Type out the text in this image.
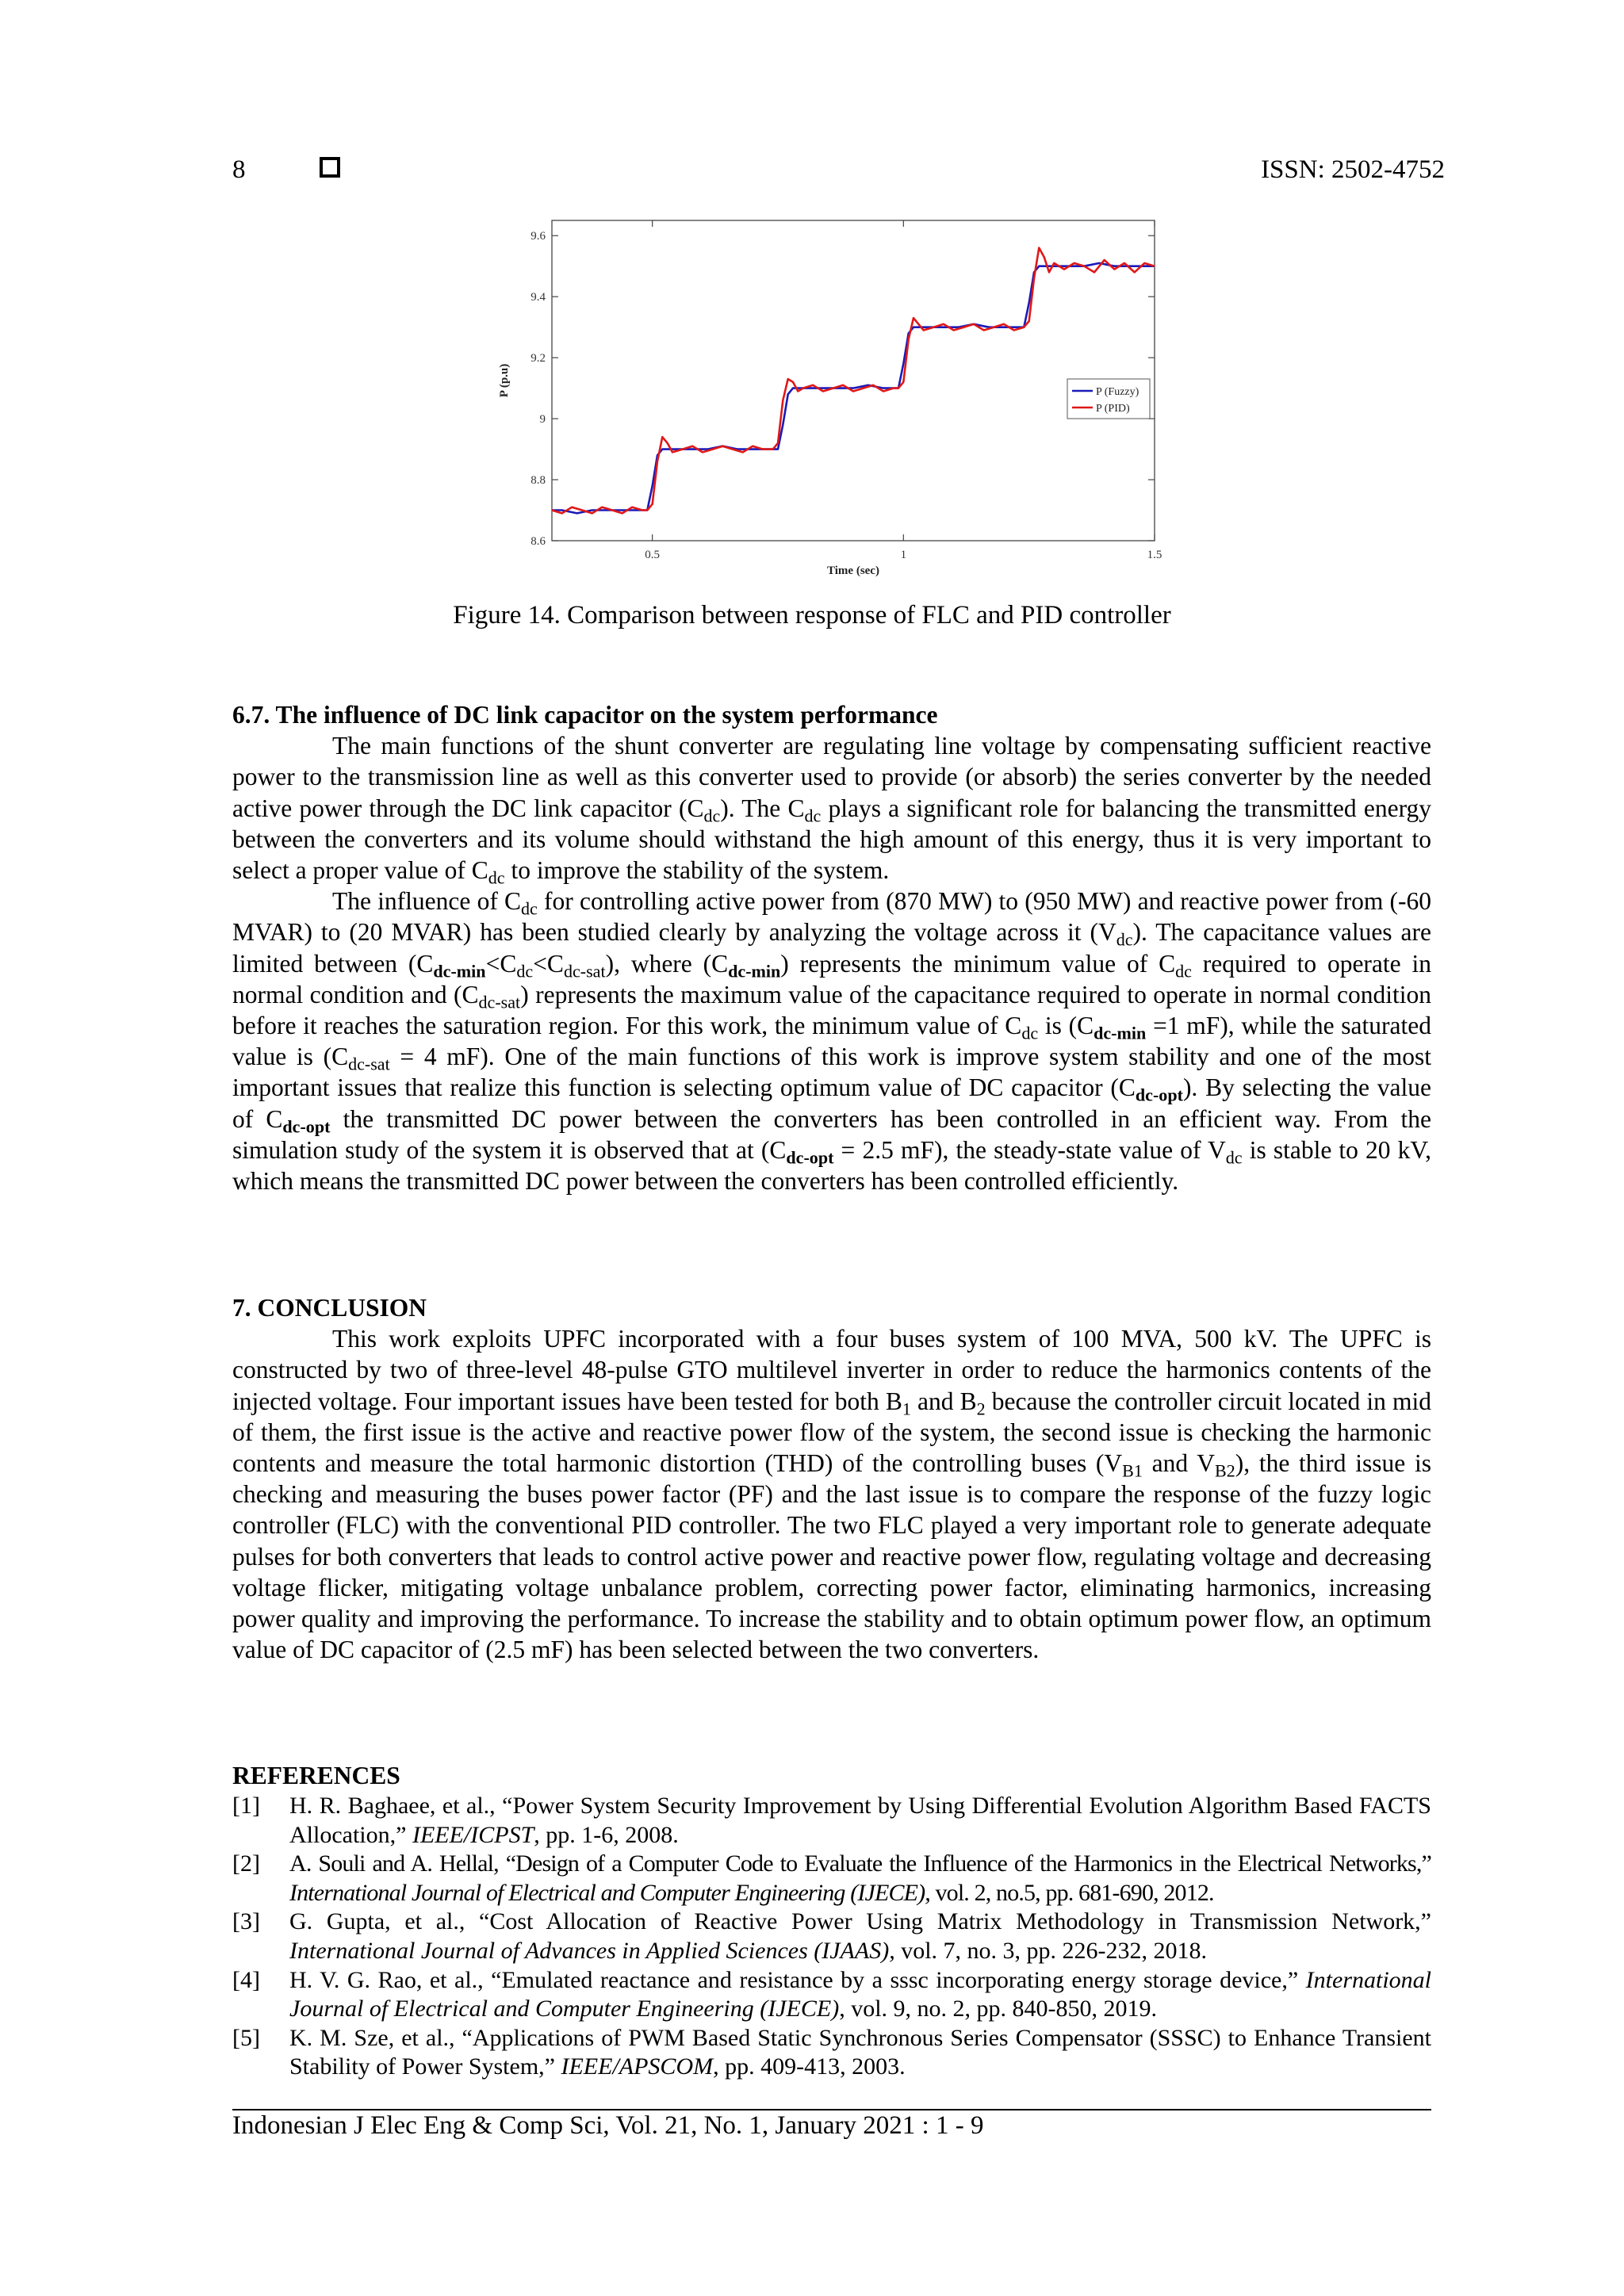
8	ISSN: 2502-4752
8.6
8.8
9
9.2
9.4
9.6
0.5	1	1.5
P (Fuzzy)
P (PID)
Time (sec)
P (p.u)
Figure 14. Comparison between response of FLC and PID controller

6.7. The influence of DC link capacitor on the system performance

The main functions of the shunt converter are regulating line voltage by compensating sufficient reactive power to the transmission line as well as this converter used to provide (or absorb) the series converter by the needed active power through the DC link capacitor $(C_{dc})$. The $C_{dc}$ plays a significant role for balancing the transmitted energy between the converters and its volume should withstand the high amount of this energy, thus it is very important to select a proper value of $C_{dc}$ to improve the stability of the system.

The influence of $C_{dc}$ for controlling active power from (870 MW) to (950 MW) and reactive power from (-60 MVAR) to (20 MVAR) has been studied clearly by analyzing the voltage across it $(V_{dc})$. The capacitance values are limited between $(C_{dc-min}<C_{dc}<C_{dc-sat})$, where $(C_{dc-min})$ represents the minimum value of $C_{dc}$ required to operate in normal condition and $(C_{dc-sat})$ represents the maximum value of the capacitance required to operate in normal condition before it reaches the saturation region. For this work, the minimum value of $C_{dc}$ is ($C_{dc-min} =1$ mF), while the saturated value is ($C_{dc-sat} = 4$ mF). One of the main functions of this work is improve system stability and one of the most important issues that realize this function is selecting optimum value of DC capacitor $(C_{dc-opt})$. By selecting the value of $C_{dc-opt}$ the transmitted DC power between the converters has been controlled in an efficient way. From the simulation study of the system it is observed that at ($C_{dc-opt} = 2.5$ mF), the steady-state value of $V_{dc}$ is stable to 20 kV, which means the transmitted DC power between the converters has been controlled efficiently.

7. CONCLUSION

This work exploits UPFC incorporated with a four buses system of 100 MVA, 500 kV. The UPFC is constructed by two of three-level 48-pulse GTO multilevel inverter in order to reduce the harmonics contents of the injected voltage. Four important issues have been tested for both $B_1$ and $B_2$ because the controller circuit located in mid of them, the first issue is the active and reactive power flow of the system, the second issue is checking the harmonic contents and measure the total harmonic distortion (THD) of the controlling buses ($V_{B1}$ and $V_{B2}$), the third issue is checking and measuring the buses power factor (PF) and the last issue is to compare the response of the fuzzy logic controller (FLC) with the conventional PID controller. The two FLC played a very important role to generate adequate pulses for both converters that leads to control active power and reactive power flow, regulating voltage and decreasing voltage flicker, mitigating voltage unbalance problem, correcting power factor, eliminating harmonics, increasing power quality and improving the performance. To increase the stability and to obtain optimum power flow, an optimum value of DC capacitor of (2.5 mF) has been selected between the two converters.

REFERENCES

[1]	H. R. Baghaee, et al., “Power System Security Improvement by Using Differential Evolution Algorithm Based FACTS Allocation,” IEEE/ICPST, pp. 1-6, 2008.
[2]	A. Souli and A. Hellal, “Design of a Computer Code to Evaluate the Influence of the Harmonics in the Electrical Networks,” International Journal of Electrical and Computer Engineering (IJECE), vol. 2, no.5, pp. 681-690, 2012.
[3]	G. Gupta, et al., “Cost Allocation of Reactive Power Using Matrix Methodology in Transmission Network,” International Journal of Advances in Applied Sciences (IJAAS), vol. 7, no. 3, pp. 226-232, 2018.
[4]	H. V. G. Rao, et al., “Emulated reactance and resistance by a sssc incorporating energy storage device,” International Journal of Electrical and Computer Engineering (IJECE), vol. 9, no. 2, pp. 840-850, 2019.
[5]	K. M. Sze, et al., “Applications of PWM Based Static Synchronous Series Compensator (SSSC) to Enhance Transient Stability of Power System,” IEEE/APSCOM, pp. 409-413, 2003.
Indonesian J Elec Eng & Comp Sci, Vol. 21, No. 1, January 2021 : 1 - 9
